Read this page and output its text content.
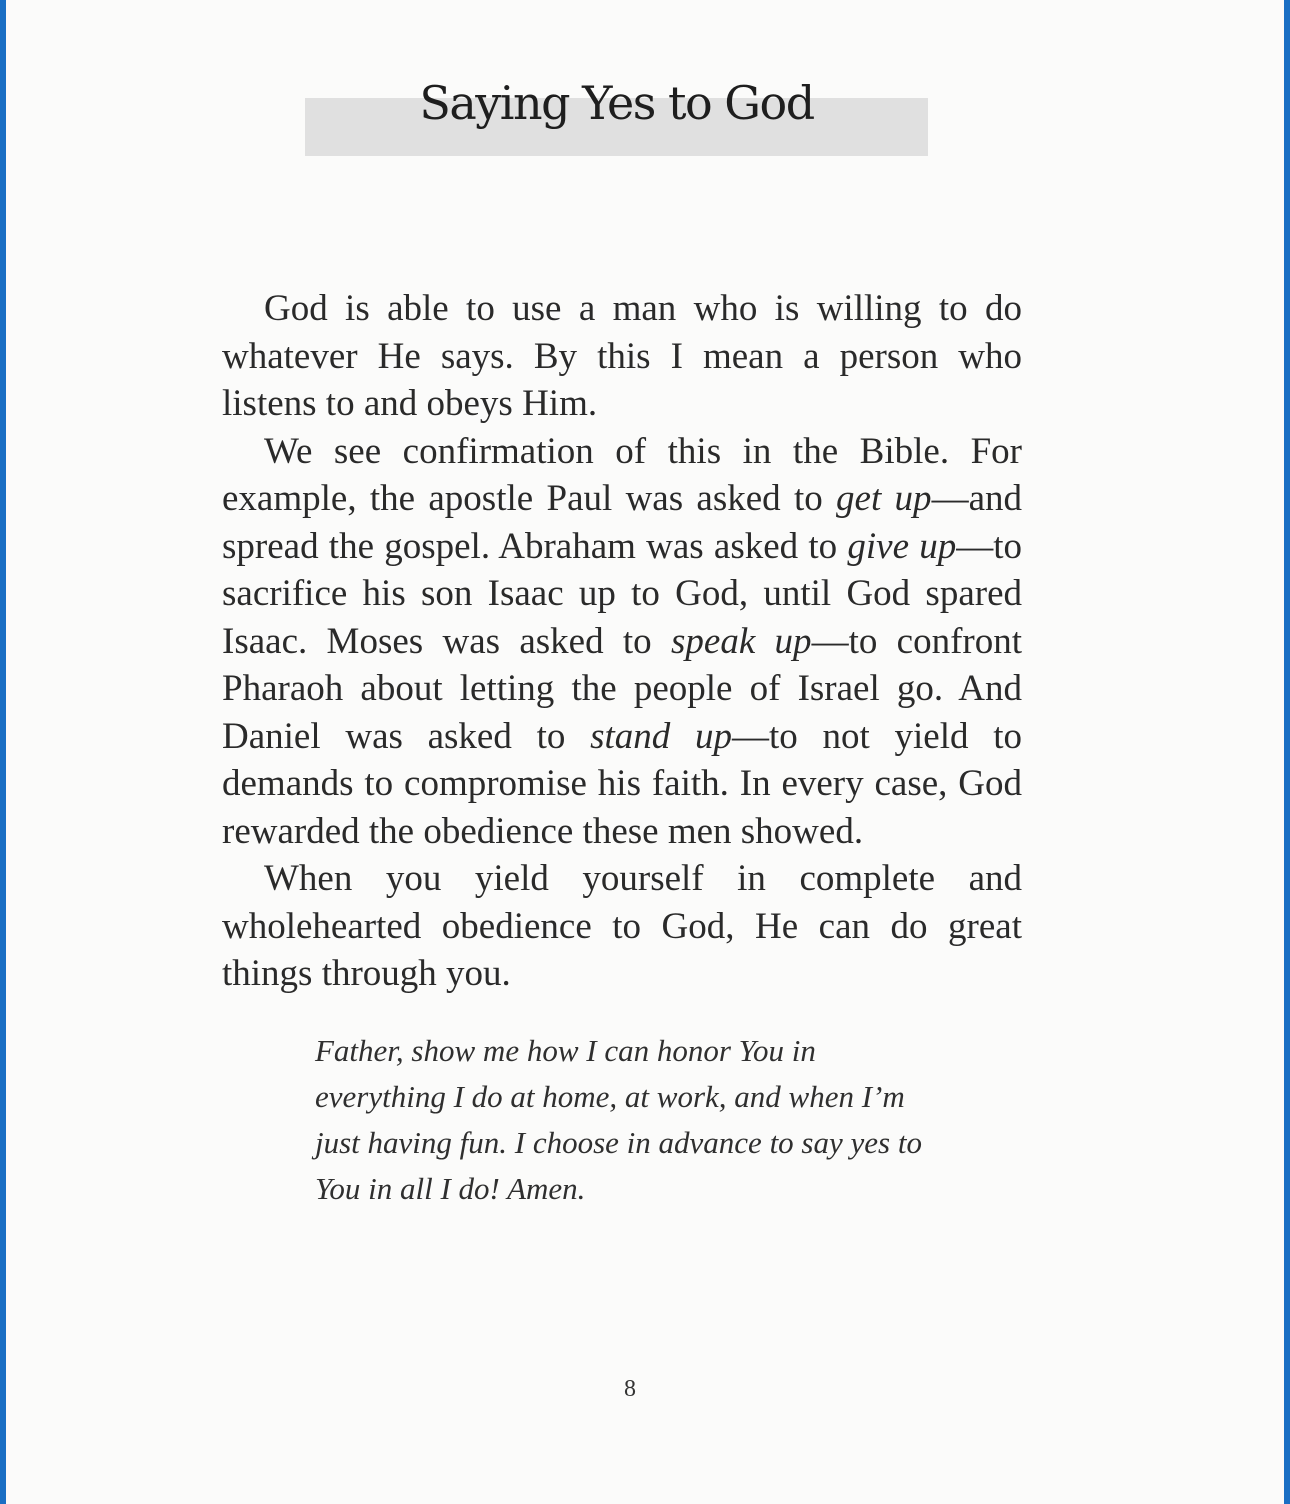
Saying Yes to God

God is able to use a man who is willing to do whatever He says. By this I mean a person who listens to and obeys Him.

We see confirmation of this in the Bible. For example, the apostle Paul was asked to get up—and spread the gospel. Abraham was asked to give up—to sacrifice his son Isaac up to God, until God spared Isaac. Moses was asked to speak up—to confront Pharaoh about letting the people of Israel go. And Daniel was asked to stand up—to not yield to demands to compromise his faith. In every case, God rewarded the obedience these men showed.

When you yield yourself in complete and wholehearted obedience to God, He can do great things through you.

Father, show me how I can honor You in everything I do at home, at work, and when I’m just having fun. I choose in advance to say yes to You in all I do! Amen.

8
